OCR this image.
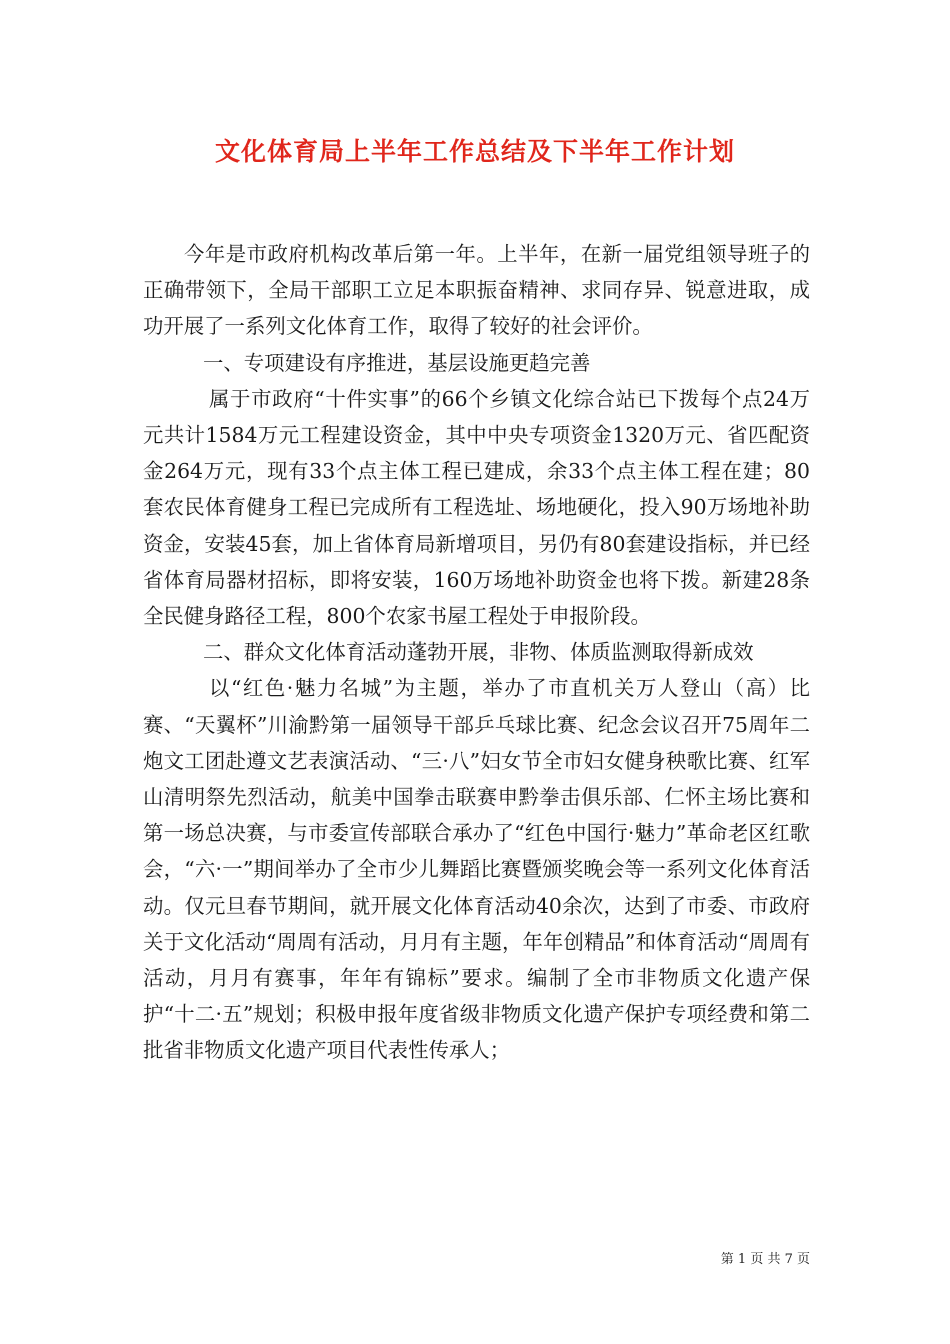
文化体育局上半年工作总结及下半年工作计划

今年是市政府机构改革后第一年。上半年，在新一届党组领导班子的正确带领下，全局干部职工立足本职振奋精神、求同存异、锐意进取，成功开展了一系列文化体育工作，取得了较好的社会评价。

一、专项建设有序推进，基层设施更趋完善

属于市政府“十件实事”的66个乡镇文化综合站已下拨每个点24万元共计1584万元工程建设资金，其中中央专项资金1320万元、省匹配资金264万元，现有33个点主体工程已建成，余33个点主体工程在建；80套农民体育健身工程已完成所有工程选址、场地硬化，投入90万场地补助资金，安装45套，加上省体育局新增项目，另仍有80套建设指标，并已经省体育局器材招标，即将安装，160万场地补助资金也将下拨。新建28条全民健身路径工程，800个农家书屋工程处于申报阶段。

二、群众文化体育活动蓬勃开展，非物、体质监测取得新成效

以“红色·魅力名城”为主题，举办了市直机关万人登山（高）比赛、“天翼杯”川渝黔第一届领导干部乒乓球比赛、纪念会议召开75周年二炮文工团赴遵文艺表演活动、“三·八”妇女节全市妇女健身秧歌比赛、红军山清明祭先烈活动，航美中国拳击联赛申黔拳击俱乐部、仁怀主场比赛和第一场总决赛，与市委宣传部联合承办了“红色中国行·魅力”革命老区红歌会，“六·一”期间举办了全市少儿舞蹈比赛暨颁奖晚会等一系列文化体育活动。仅元旦春节期间，就开展文化体育活动40余次，达到了市委、市政府关于文化活动“周周有活动，月月有主题，年年创精品”和体育活动“周周有活动，月月有赛事，年年有锦标”要求。编制了全市非物质文化遗产保护“十二·五”规划；积极申报年度省级非物质文化遗产保护专项经费和第二批省非物质文化遗产项目代表性传承人；

第 1 页 共 7 页
